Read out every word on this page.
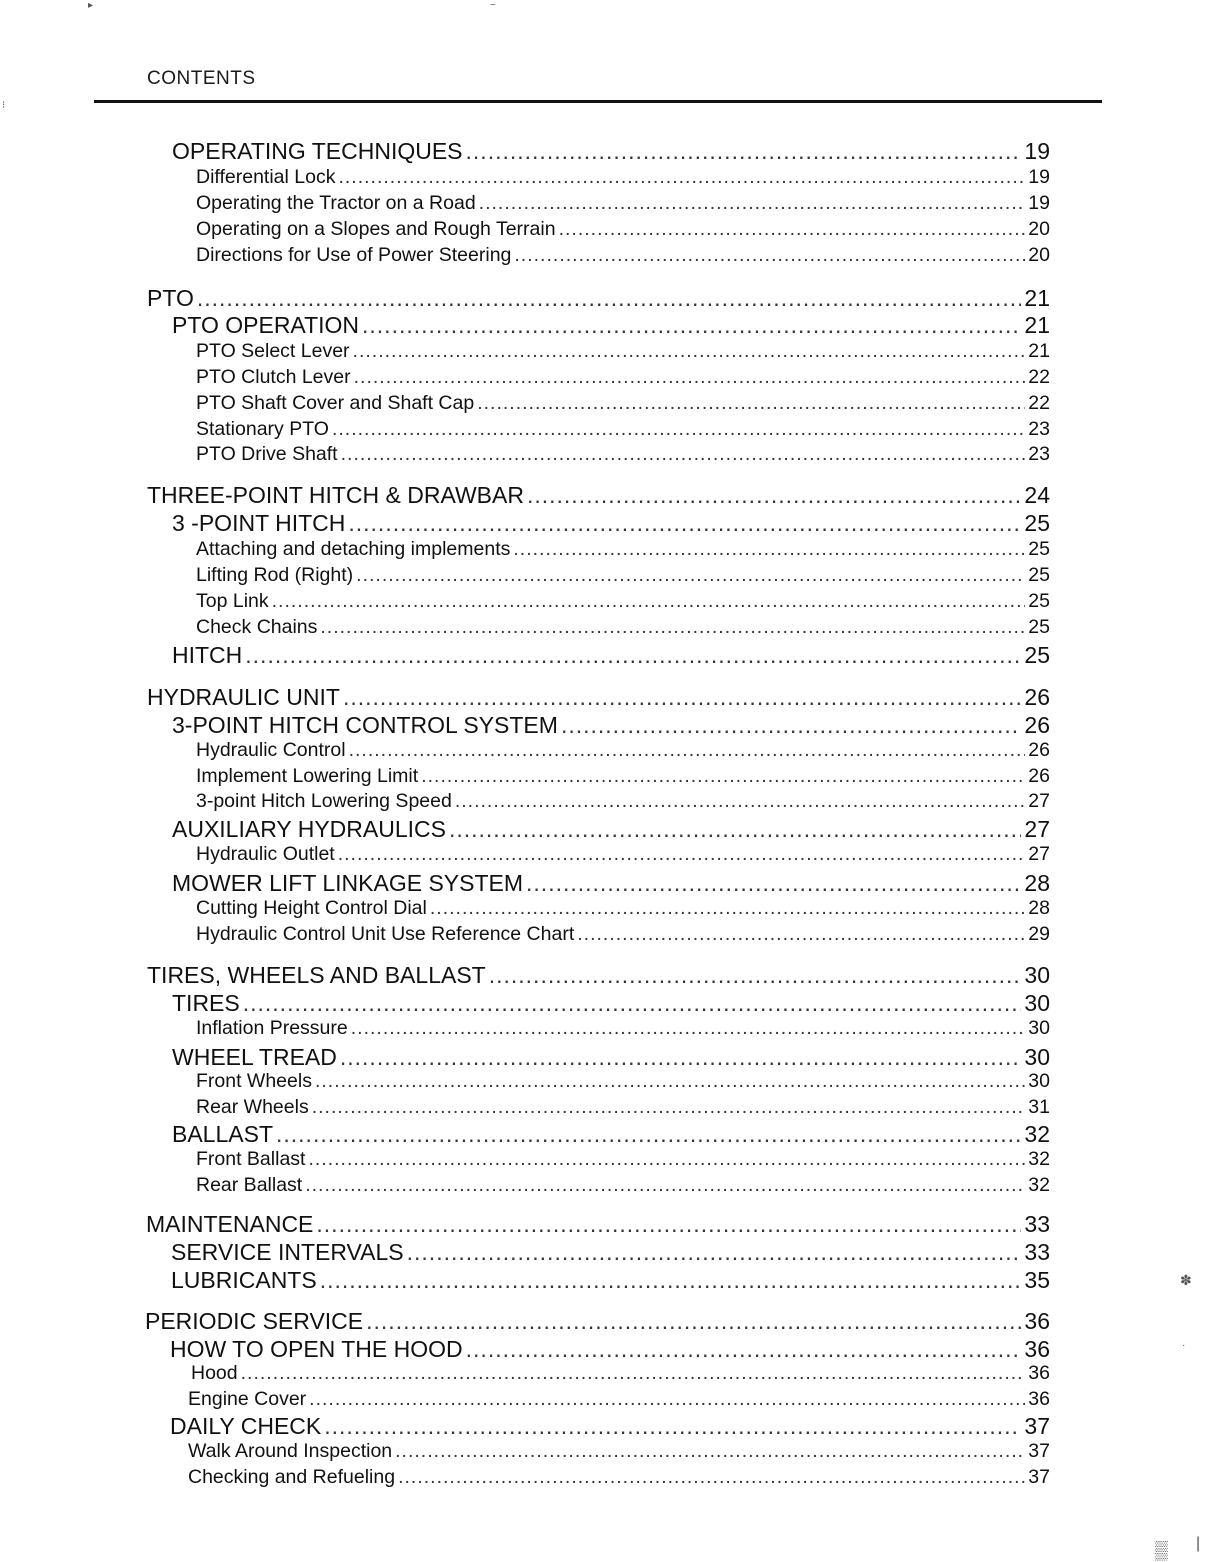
CONTENTS
OPERATING TECHNIQUES .....	19
Differential Lock .....	19
Operating the Tractor on a Road .....	19
Operating on a Slopes and Rough Terrain .....	20
Directions for Use of Power Steering .....	20
PTO .....	21
PTO OPERATION .....	21
PTO Select Lever .....	21
PTO Clutch Lever .....	22
PTO Shaft Cover and Shaft Cap .....	22
Stationary PTO .....	23
PTO Drive Shaft .....	23
THREE-POINT HITCH & DRAWBAR .....	24
3 -POINT HITCH .....	25
Attaching and detaching implements .....	25
Lifting Rod (Right) .....	25
Top Link .....	25
Check Chains .....	25
HITCH .....	25
HYDRAULIC UNIT .....	26
3-POINT HITCH CONTROL SYSTEM .....	26
Hydraulic Control .....	26
Implement Lowering Limit .....	26
3-point Hitch Lowering Speed .....	27
AUXILIARY HYDRAULICS .....	27
Hydraulic Outlet .....	27
MOWER LIFT LINKAGE SYSTEM .....	28
Cutting Height Control Dial .....	28
Hydraulic Control Unit Use Reference Chart .....	29
TIRES, WHEELS AND BALLAST .....	30
TIRES .....	30
Inflation Pressure .....	30
WHEEL TREAD .....	30
Front Wheels .....	30
Rear Wheels .....	31
BALLAST .....	32
Front Ballast .....	32
Rear Ballast .....	32
MAINTENANCE .....	33
SERVICE INTERVALS .....	33
LUBRICANTS .....	35
PERIODIC SERVICE .....	36
HOW TO OPEN THE HOOD .....	36
Hood .....	36
Engine Cover .....	36
DAILY CHECK .....	37
Walk Around Inspection .....	37
Checking and Refueling .....	37
▸	~
⁝
✽
·
▒ |
